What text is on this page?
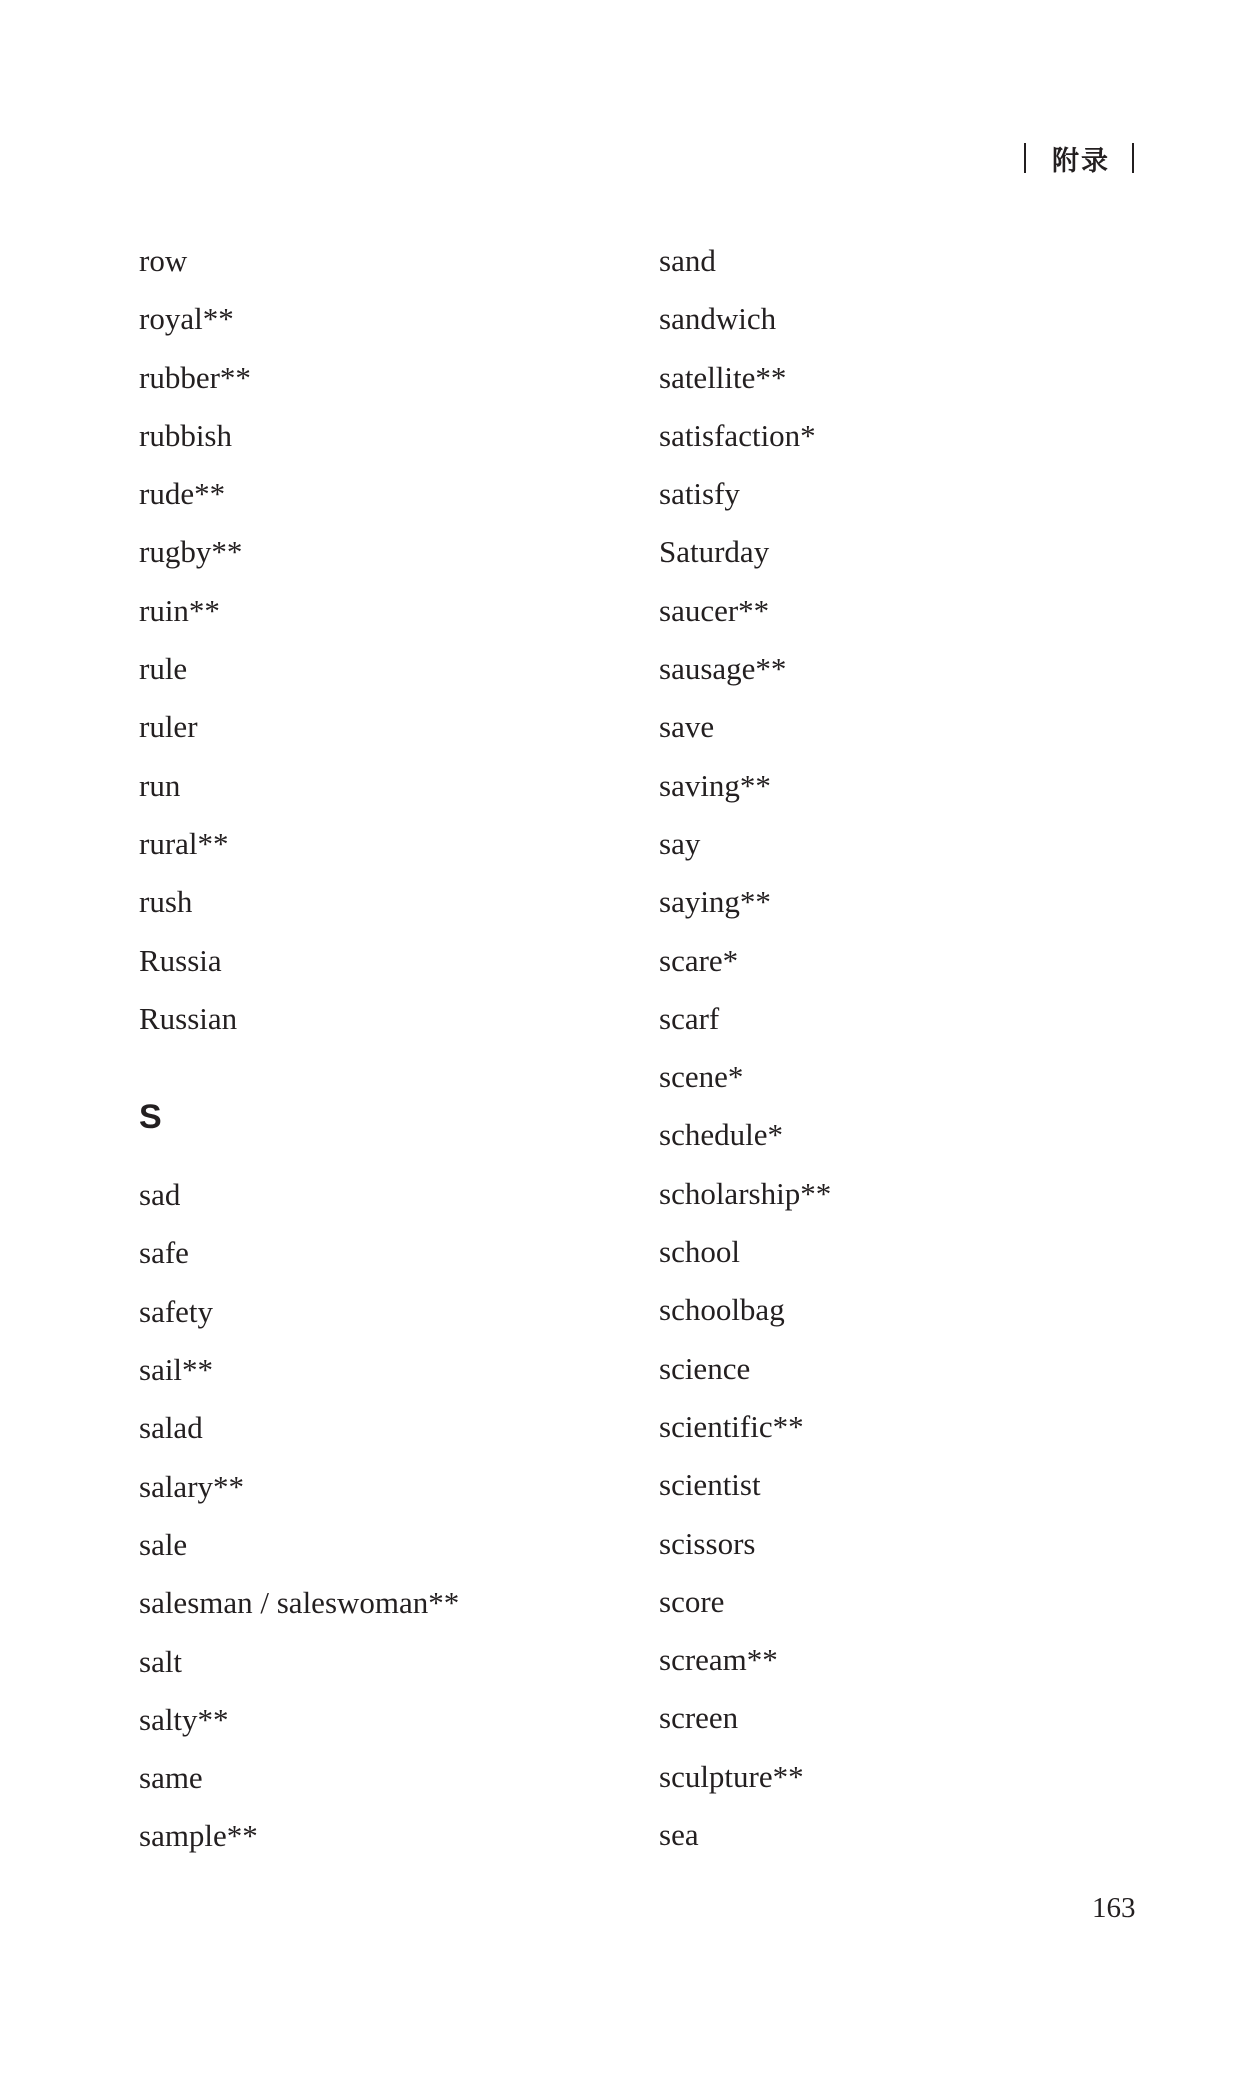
附录
row
royal**
rubber**
rubbish
rude**
rugby**
ruin**
rule
ruler
run
rural**
rush
Russia
Russian
S
sad
safe
safety
sail**
salad
salary**
sale
salesman / saleswoman**
salt
salty**
same
sample**
sand
sandwich
satellite**
satisfaction*
satisfy
Saturday
saucer**
sausage**
save
saving**
say
saying**
scare*
scarf
scene*
schedule*
scholarship**
school
schoolbag
science
scientific**
scientist
scissors
score
scream**
screen
sculpture**
sea
163
